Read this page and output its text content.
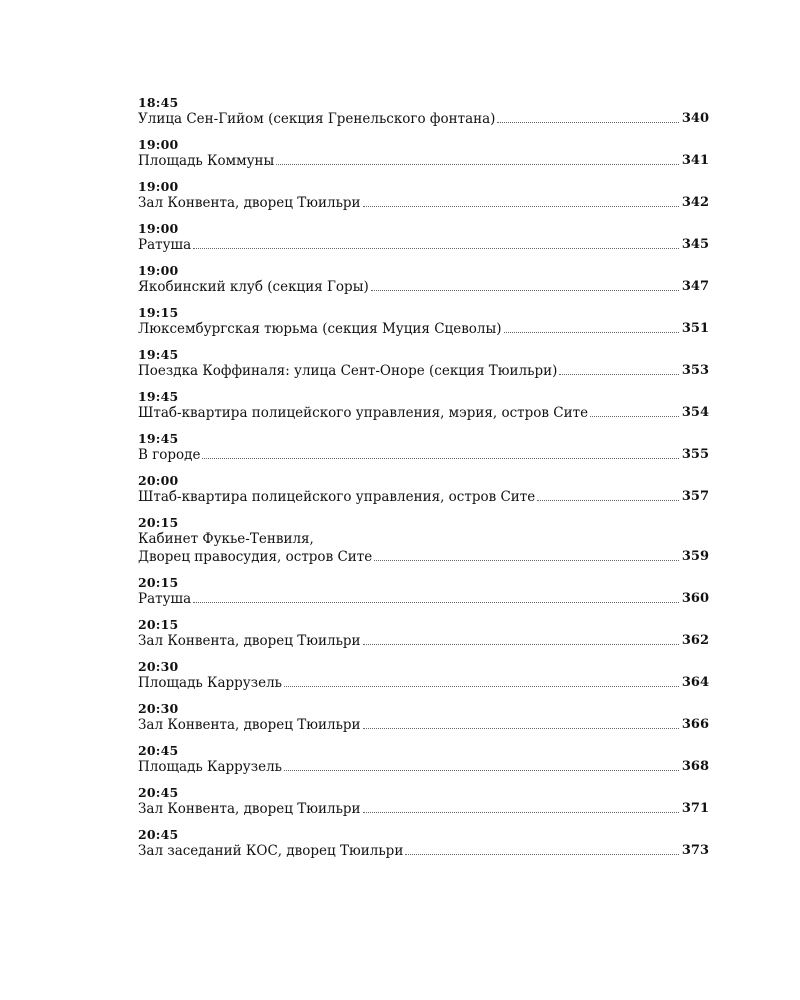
18:45
Улица Сен-Гийом (секция Гренельского фонтана)	340
19:00
Площадь Коммуны	341
19:00
Зал Конвента, дворец Тюильри	342
19:00
Ратуша	345
19:00
Якобинский клуб (секция Горы)	347
19:15
Люксембургская тюрьма (секция Муция Сцеволы)	351
19:45
Поездка Коффиналя: улица Сент-Оноре (секция Тюильри)	353
19:45
Штаб-квартира полицейского управления, мэрия, остров Сите	354
19:45
В городе	355
20:00
Штаб-квартира полицейского управления, остров Сите	357
20:15
Кабинет Фукье-Тенвиля,
Дворец правосудия, остров Сите	359
20:15
Ратуша	360
20:15
Зал Конвента, дворец Тюильри	362
20:30
Площадь Каррузель	364
20:30
Зал Конвента, дворец Тюильри	366
20:45
Площадь Каррузель	368
20:45
Зал Конвента, дворец Тюильри	371
20:45
Зал заседаний КОС, дворец Тюильри	373
